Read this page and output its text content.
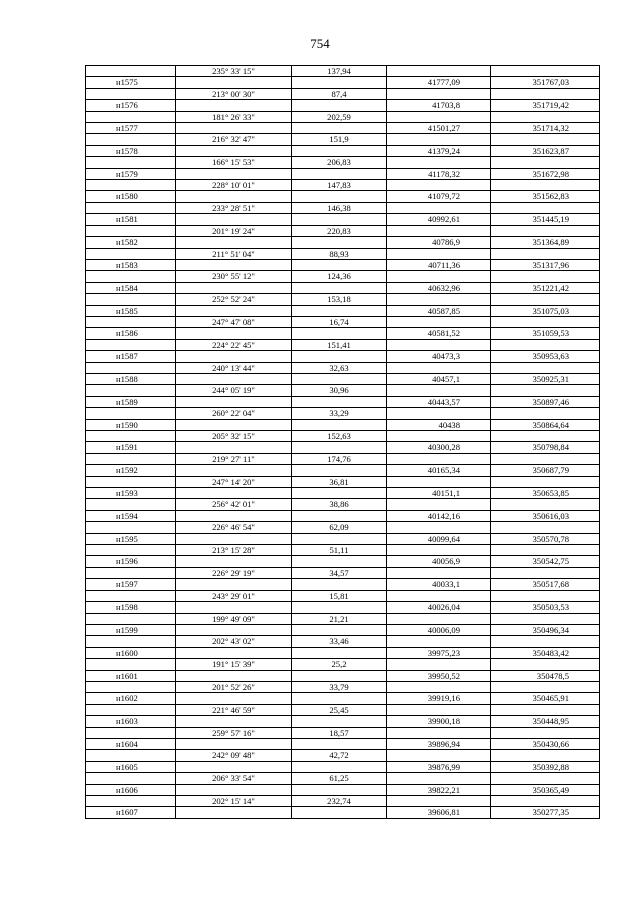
754
	235° 33' 15"	137,94		
н1575			41777,09	351767,03
	213° 00' 30"	87,4		
н1576			41703,8	351719,42
	181° 26' 33"	202,59		
н1577			41501,27	351714,32
	216° 32' 47"	151,9		
н1578			41379,24	351623,87
	166° 15' 53"	206,83		
н1579			41178,32	351672,98
	228° 10' 01"	147,83		
н1580			41079,72	351562,83
	233° 28' 51"	146,38		
н1581			40992,61	351445,19
	201° 19' 24"	220,83		
н1582			40786,9	351364,89
	211° 51' 04"	88,93		
н1583			40711,36	351317,96
	230° 55' 12"	124,36		
н1584			40632,96	351221,42
	252° 52' 24"	153,18		
н1585			40587,85	351075,03
	247° 47' 08"	16,74		
н1586			40581,52	351059,53
	224° 22' 45"	151,41		
н1587			40473,3	350953,63
	240° 13' 44"	32,63		
н1588			40457,1	350925,31
	244° 05' 19"	30,96		
н1589			40443,57	350897,46
	260° 22' 04"	33,29		
н1590			40438	350864,64
	205° 32' 15"	152,63		
н1591			40300,28	350798,84
	219° 27' 11"	174,76		
н1592			40165,34	350687,79
	247° 14' 20"	36,81		
н1593			40151,1	350653,85
	256° 42' 01"	38,86		
н1594			40142,16	350616,03
	226° 46' 54"	62,09		
н1595			40099,64	350570,78
	213° 15' 28"	51,11		
н1596			40056,9	350542,75
	226° 29' 19"	34,57		
н1597			40033,1	350517,68
	243° 29' 01"	15,81		
н1598			40026,04	350503,53
	199° 49' 09"	21,21		
н1599			40006,09	350496,34
	202° 43' 02"	33,46		
н1600			39975,23	350483,42
	191° 15' 39"	25,2		
н1601			39950,52	350478,5
	201° 52' 26"	33,79		
н1602			39919,16	350465,91
	221° 46' 59"	25,45		
н1603			39900,18	350448,95
	259° 57' 16"	18,57		
н1604			39896,94	350430,66
	242° 09' 48"	42,72		
н1605			39876,99	350392,88
	206° 33' 54"	61,25		
н1606			39822,21	350365,49
	202° 15' 14"	232,74		
н1607			39606,81	350277,35
